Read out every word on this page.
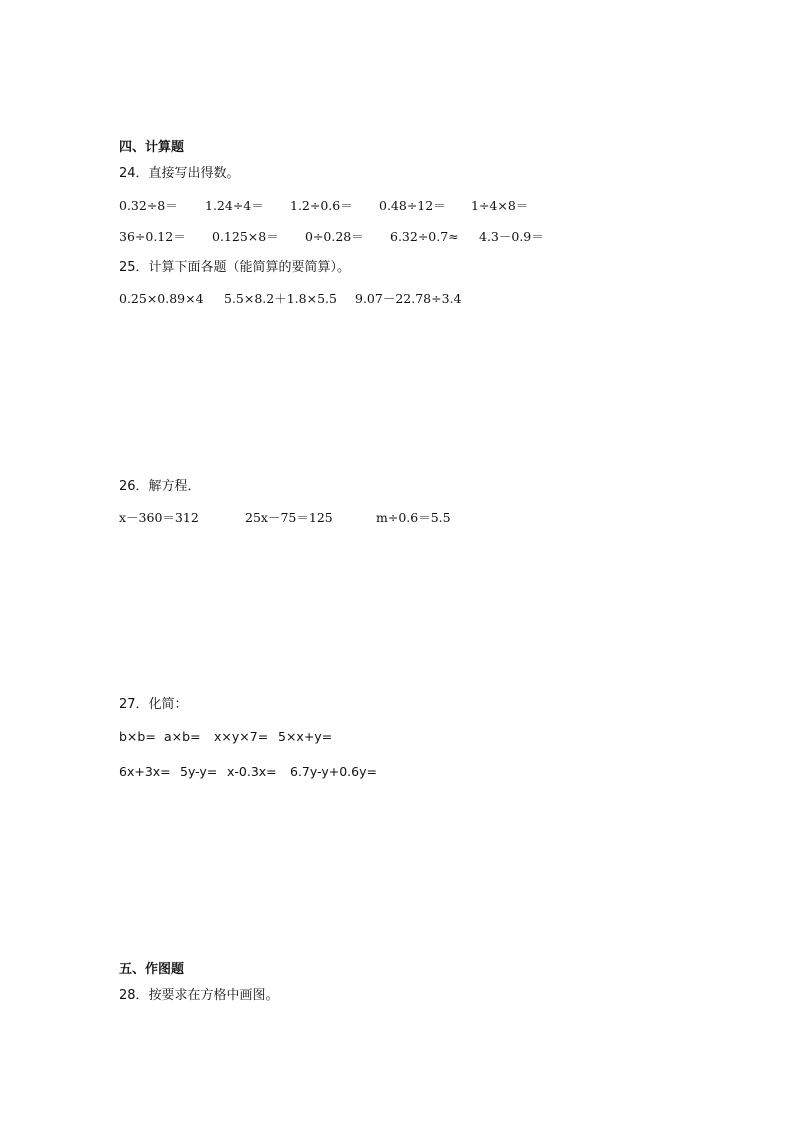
四、计算题
24．直接写出得数。
0.32÷8＝ 1.24÷4＝ 1.2÷0.6＝ 0.48÷12＝ 1÷4×8＝
36÷0.12＝ 0.125×8＝ 0÷0.28＝ 6.32÷0.7≈ 4.3－0.9＝
25．计算下面各题（能简算的要简算）。
0.25×0.89×4 5.5×8.2＋1.8×5.5 9.07－22.78÷3.4
26．解方程．
x－360＝312	25x－75＝125	m÷0.6＝5.5
27．化简：
b×b= a×b= x×y×7= 5×x+y=
6x+3x= 5y-y= x-0.3x= 6.7y-y+0.6y=
五、作图题
28．按要求在方格中画图。
